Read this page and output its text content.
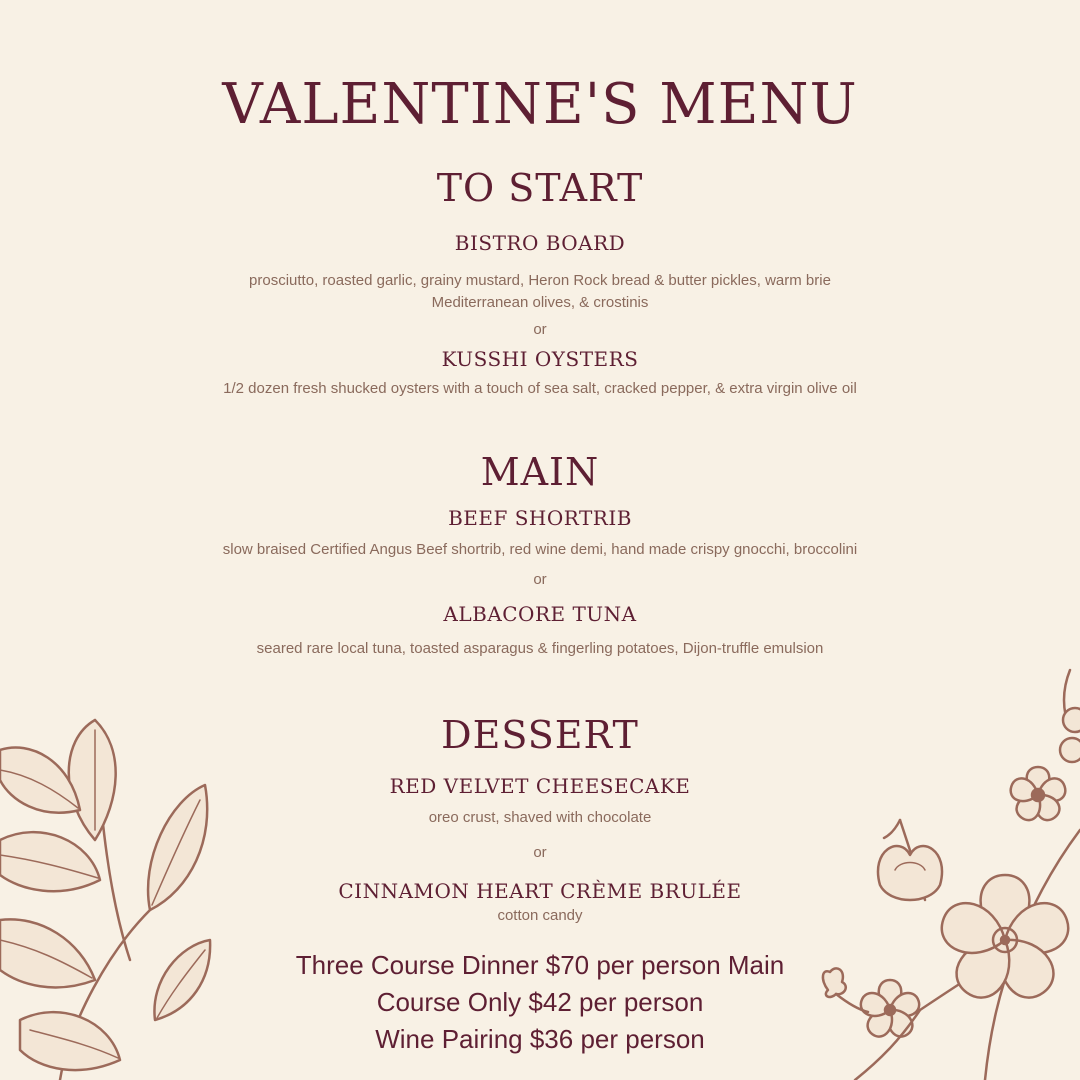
VALENTINE'S MENU
TO START
BISTRO BOARD

prosciutto, roasted garlic, grainy mustard, Heron Rock bread & butter pickles, warm brie

Mediterranean olives, & crostinis

or

KUSSHI OYSTERS

1/2 dozen fresh shucked oysters with a touch of sea salt, cracked pepper, & extra virgin olive oil

MAIN
BEEF SHORTRIB

slow braised Certified Angus Beef shortrib, red wine demi, hand made crispy gnocchi, broccolini

or

ALBACORE TUNA

seared rare local tuna, toasted asparagus & fingerling potatoes, Dijon-truffle emulsion

DESSERT
RED VELVET CHEESECAKE

oreo crust, shaved with chocolate

or

CINNAMON HEART CRÈME BRULÉE

cotton candy

Three Course Dinner $70 per person Main
Course Only $42 per person
Wine Pairing $36 per person
